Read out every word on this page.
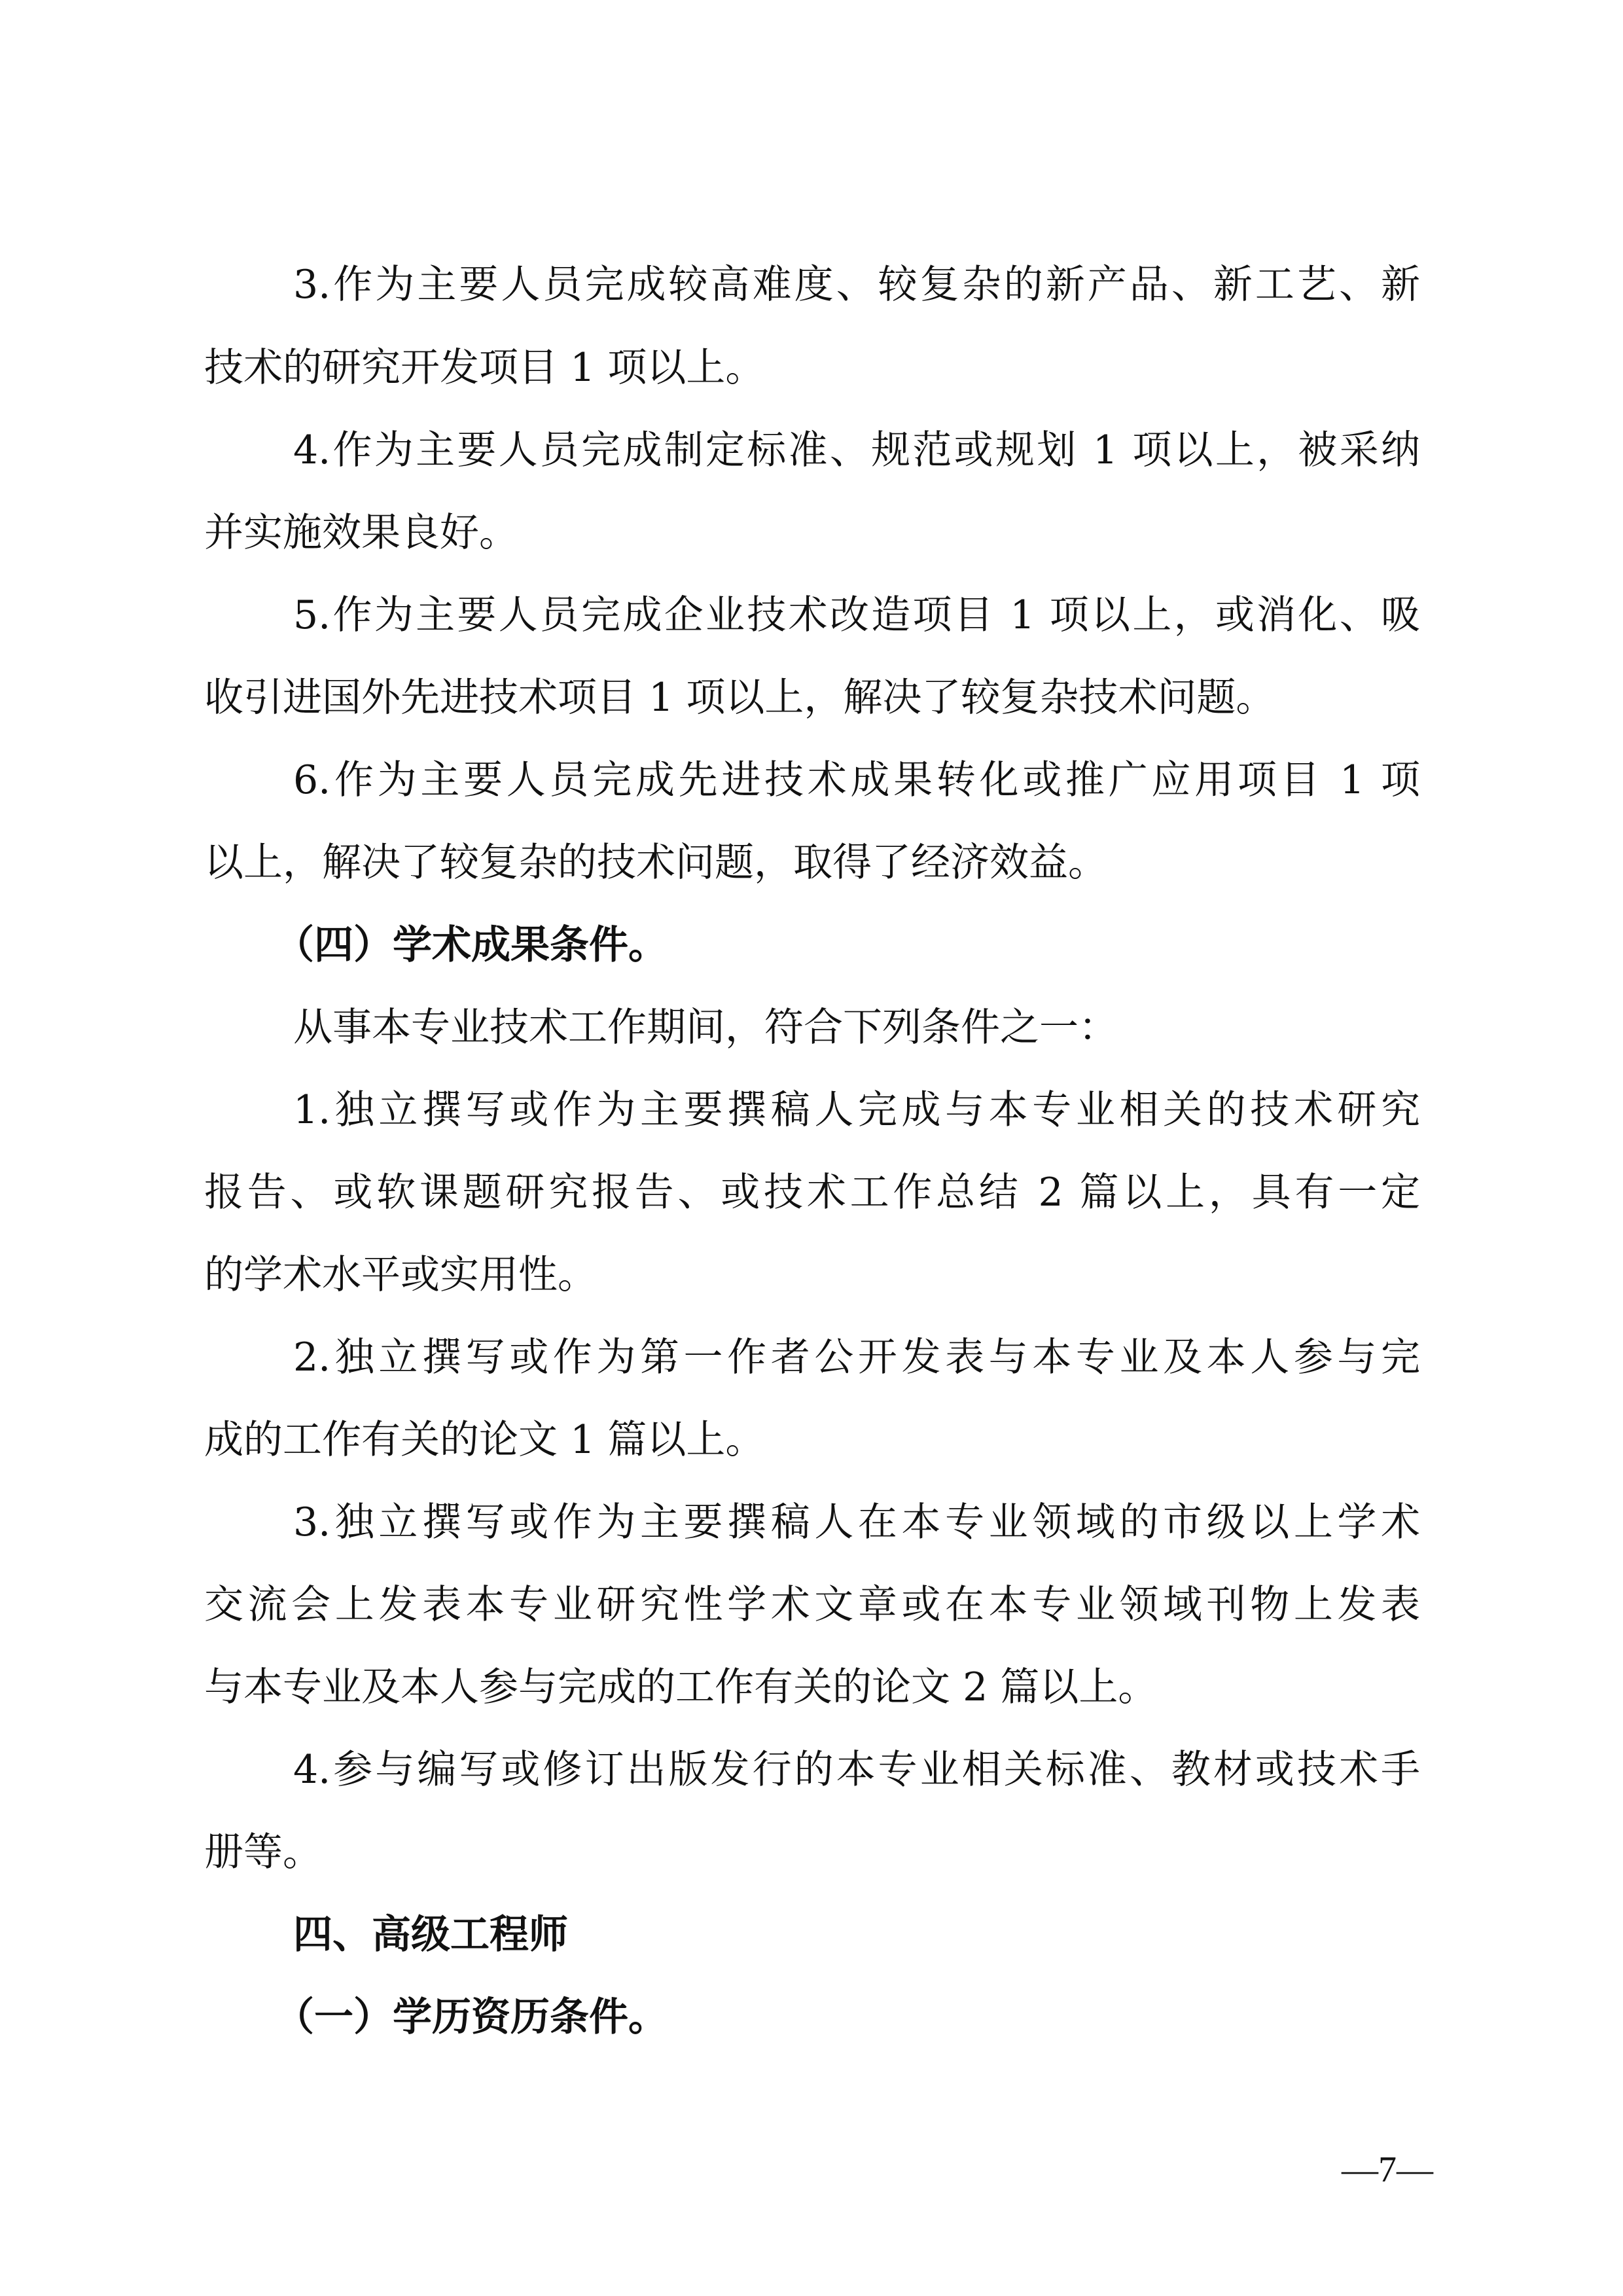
3.作为主要人员完成较高难度、较复杂的新产品、新工艺、新
技术的研究开发项目 1 项以上。
4.作为主要人员完成制定标准、规范或规划 1 项以上，被采纳
并实施效果良好。
5.作为主要人员完成企业技术改造项目 1 项以上，或消化、吸
收引进国外先进技术项目 1 项以上，解决了较复杂技术问题。
6.作为主要人员完成先进技术成果转化或推广应用项目 1 项
以上，解决了较复杂的技术问题，取得了经济效益。
（四）学术成果条件。
从事本专业技术工作期间，符合下列条件之一：
1.独立撰写或作为主要撰稿人完成与本专业相关的技术研究
报告、或软课题研究报告、或技术工作总结 2 篇以上，具有一定
的学术水平或实用性。
2.独立撰写或作为第一作者公开发表与本专业及本人参与完
成的工作有关的论文 1 篇以上。
3.独立撰写或作为主要撰稿人在本专业领域的市级以上学术
交流会上发表本专业研究性学术文章或在本专业领域刊物上发表
与本专业及本人参与完成的工作有关的论文 2 篇以上。
4.参与编写或修订出版发行的本专业相关标准、教材或技术手
册等。
四、高级工程师
（一）学历资历条件。
—7—
